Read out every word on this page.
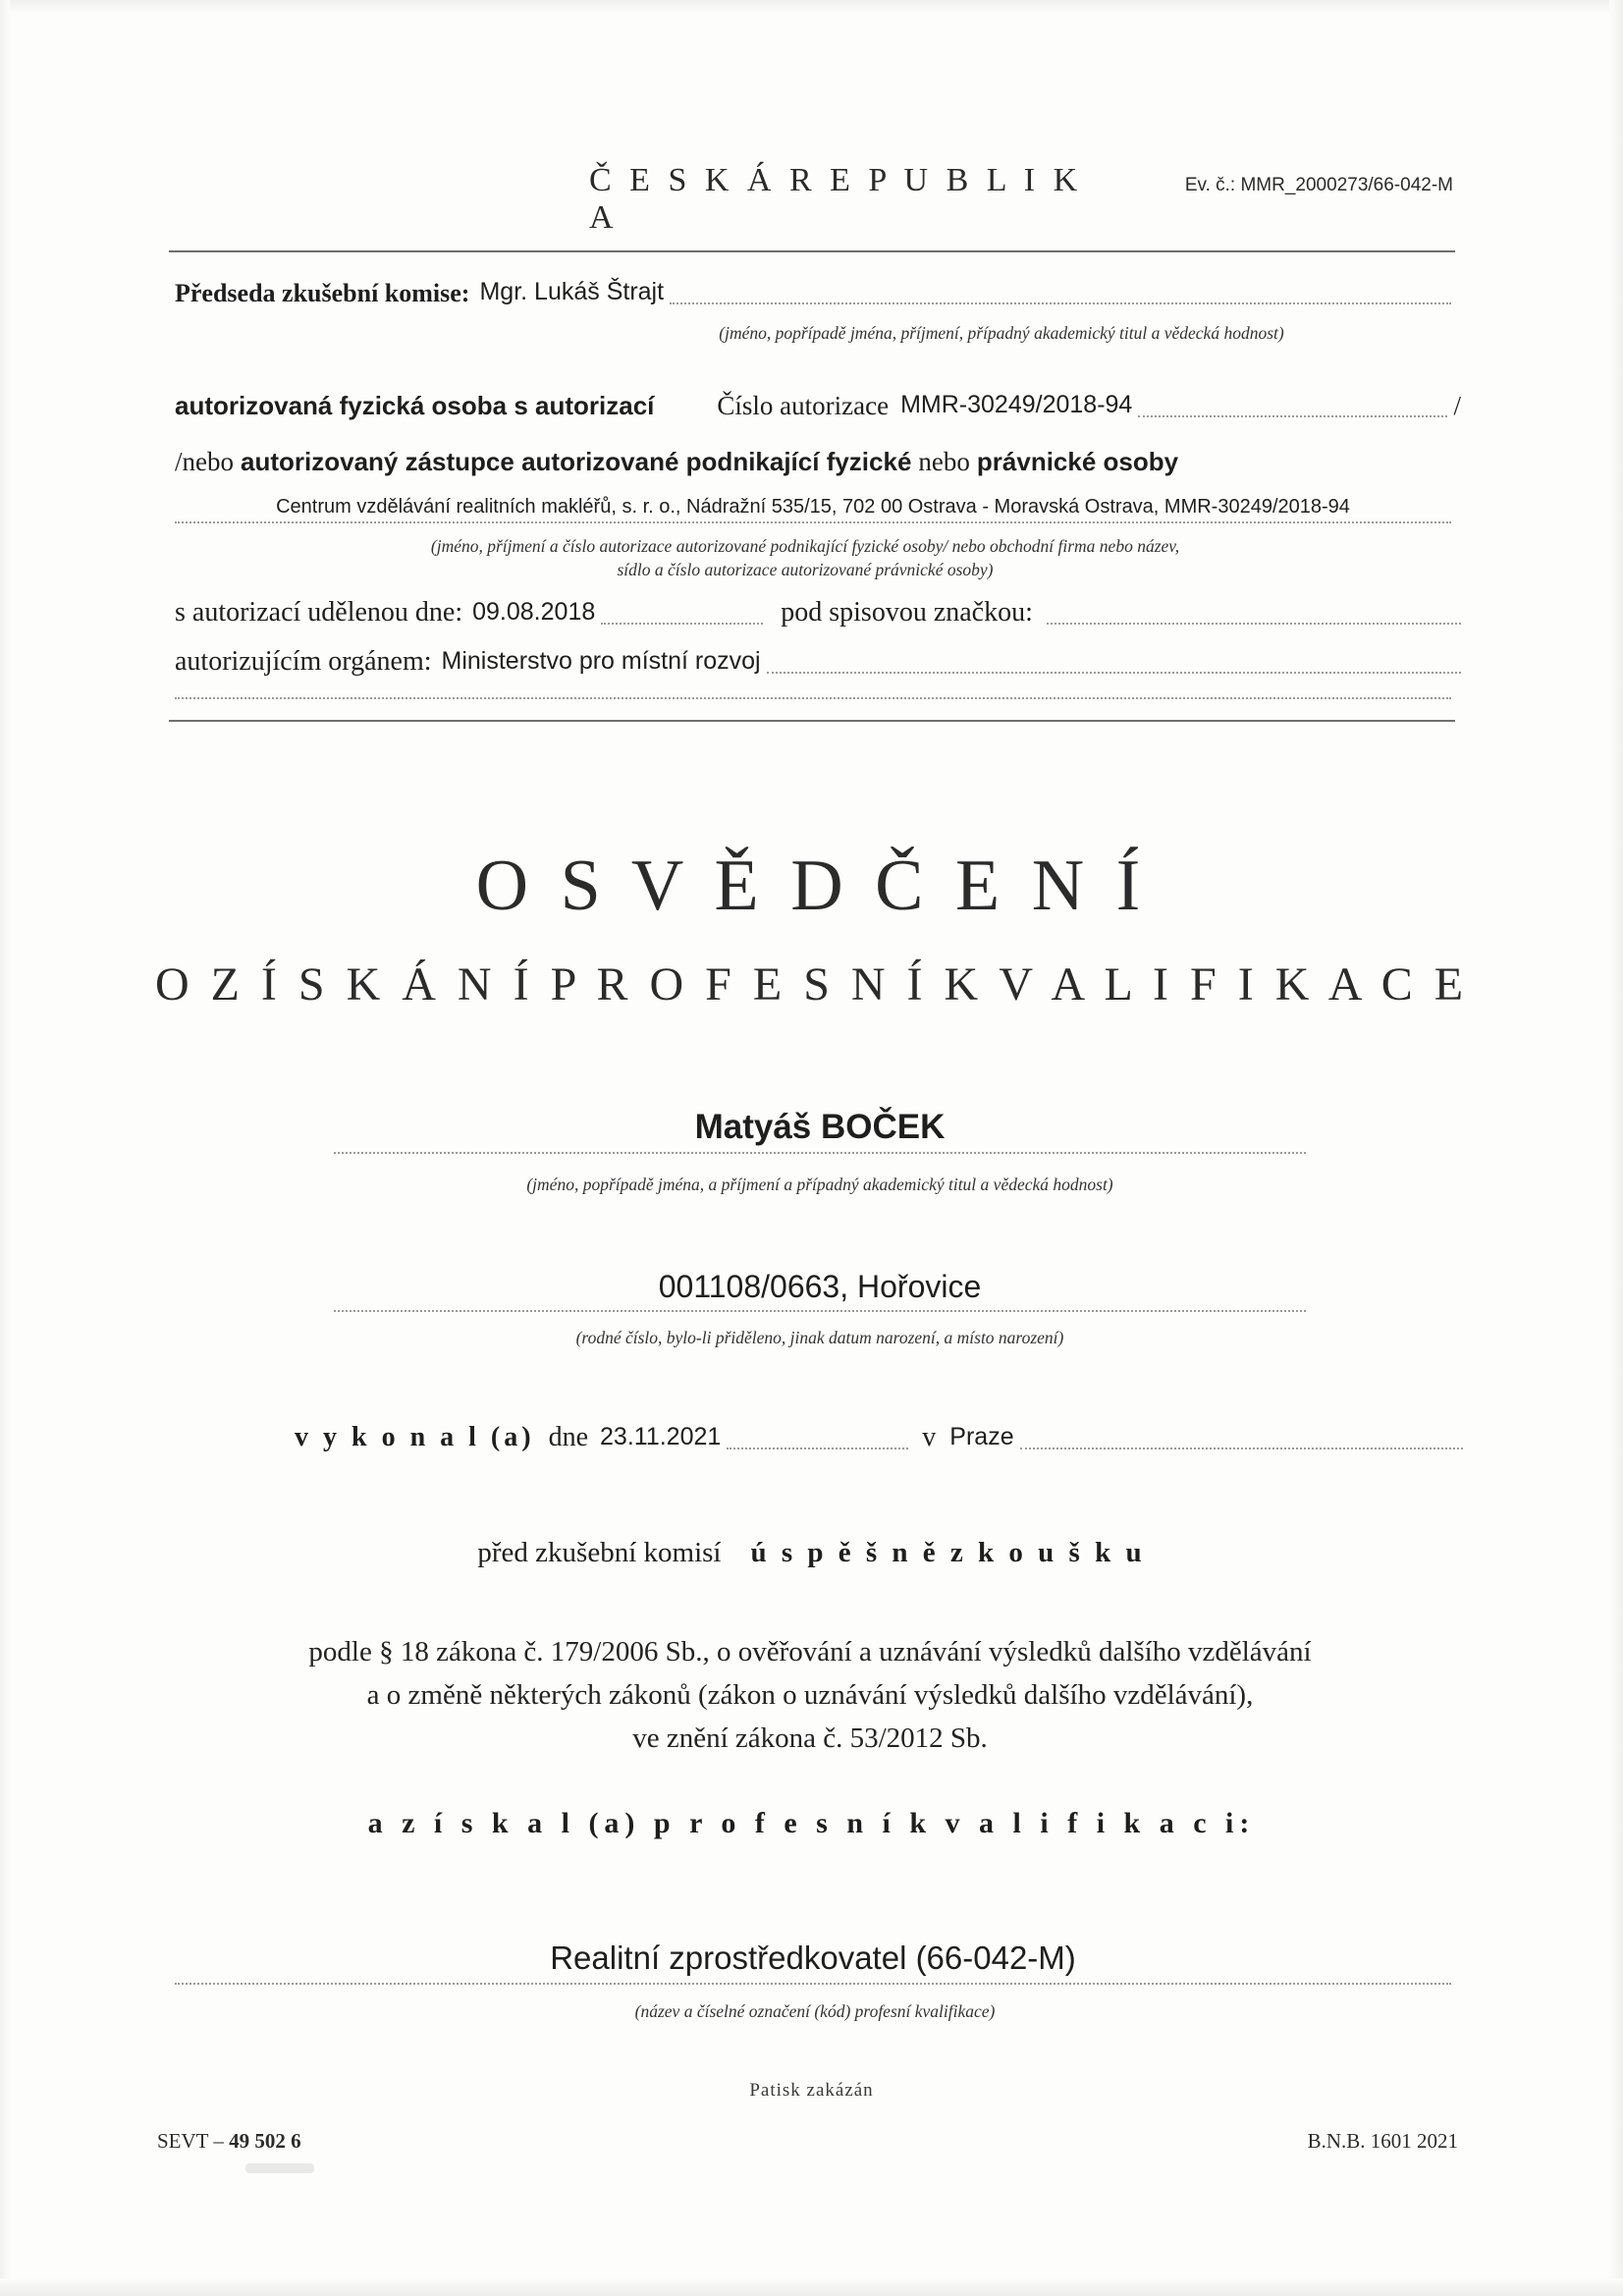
Č E S K Á R E P U B L I K A
Ev. č.: MMR_2000273/66-042-M
Předseda zkušební komise: Mgr. Lukáš Štrajt
(jméno, popřípadě jména, příjmení, případný akademický titul a vědecká hodnost)
autorizovaná fyzická osoba s autorizací Číslo autorizace MMR-30249/2018-94	/
/nebo autorizovaný zástupce autorizované podnikající fyzické nebo právnické osoby
Centrum vzdělávání realitních makléřů, s. r. o., Nádražní 535/15, 702 00 Ostrava - Moravská Ostrava, MMR-30249/2018-94
(jméno, příjmení a číslo autorizace autorizované podnikající fyzické osoby/ nebo obchodní firma nebo název,
sídlo a číslo autorizace autorizované právnické osoby)
s autorizací udělenou dne: 09.08.2018	pod spisovou značkou:
autorizujícím orgánem: Ministerstvo pro místní rozvoj
O S V Ě D Č E N Í
O Z Í S K Á N Í P R O F E S N Í K V A L I F I K A C E
Matyáš BOČEK
(jméno, popřípadě jména, a příjmení a případný akademický titul a vědecká hodnost)
001108/0663, Hořovice
(rodné číslo, bylo-li přiděleno, jinak datum narození, a místo narození)
v y k o n a l (a) dne 23.11.2021	v Praze
před zkušební komisí ú s p ě š n ě z k o u š k u
podle § 18 zákona č. 179/2006 Sb., o ověřování a uznávání výsledků dalšího vzdělávání
a o změně některých zákonů (zákon o uznávání výsledků dalšího vzdělávání),
ve znění zákona č. 53/2012 Sb.
a z í s k a l (a) p r o f e s n í k v a l i f i k a c i:
Realitní zprostředkovatel (66-042-M)
(název a číselné označení (kód) profesní kvalifikace)
Patisk zakázán
SEVT – 49 502 6	B.N.B. 1601 2021
